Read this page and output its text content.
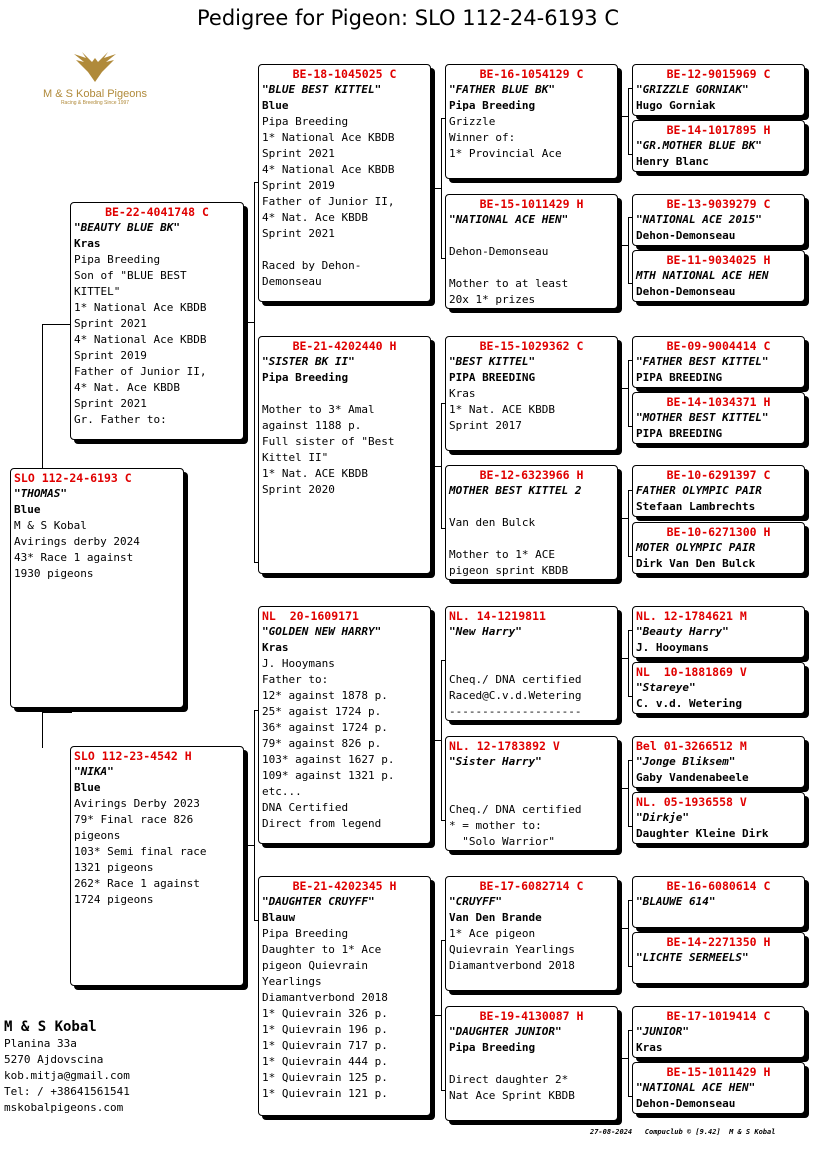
Pedigree for Pigeon: SLO 112-24-6193 C
M & S Kobal Pigeons
Racing & Breeding Since 1997
SLO 112-24-6193 C
"THOMAS"
Blue
M & S Kobal
Avirings derby 2024
43* Race 1 against
1930 pigeons
BE-22-4041748 C
"BEAUTY BLUE BK"
Kras
Pipa Breeding
Son of "BLUE BEST
KITTEL"
1* National Ace KBDB
Sprint 2021
4* National Ace KBDB
Sprint 2019
Father of Junior II,
4* Nat. Ace KBDB
Sprint 2021
Gr. Father to:
SLO 112-23-4542 H
"NIKA"
Blue
Avirings Derby 2023
79* Final race 826
pigeons
103* Semi final race
1321 pigeons
262* Race 1 against
1724 pigeons
BE-18-1045025 C
"BLUE BEST KITTEL"
Blue
Pipa Breeding
1* National Ace KBDB
Sprint 2021
4* National Ace KBDB
Sprint 2019
Father of Junior II,
4* Nat. Ace KBDB
Sprint 2021

Raced by Dehon-
Demonseau
BE-21-4202440 H
"SISTER BK II"
Pipa Breeding

Mother to 3* Amal
against 1188 p.
Full sister of "Best
Kittel II"
1* Nat. ACE KBDB
Sprint 2020
NL  20-1609171
"GOLDEN NEW HARRY"
Kras
J. Hooymans
Father to:
12* against 1878 p.
25* agaist 1724 p.
36* against 1724 p.
79* against 826 p.
103* against 1627 p.
109* against 1321 p.
etc...
DNA Certified
Direct from legend
BE-21-4202345 H
"DAUGHTER CRUYFF"
Blauw
Pipa Breeding
Daughter to 1* Ace
pigeon Quievrain
Yearlings
Diamantverbond 2018
1* Quievrain 326 p.
1* Quievrain 196 p.
1* Quievrain 717 p.
1* Quievrain 444 p.
1* Quievrain 125 p.
1* Quievrain 121 p.
BE-16-1054129 C
"FATHER BLUE BK"
Pipa Breeding
Grizzle
Winner of:
1* Provincial Ace
BE-15-1011429 H
"NATIONAL ACE HEN"

Dehon-Demonseau

Mother to at least
20x 1* prizes
BE-15-1029362 C
"BEST KITTEL"
PIPA BREEDING
Kras
1* Nat. ACE KBDB
Sprint 2017
BE-12-6323966 H
MOTHER BEST KITTEL 2

Van den Bulck

Mother to 1* ACE
pigeon sprint KBDB
NL. 14-1219811
"New Harry"

Cheq./ DNA certified
Raced@C.v.d.Wetering
--------------------
NL. 12-1783892 V
"Sister Harry"

Cheq./ DNA certified
* = mother to:
"Solo Warrior"
BE-17-6082714 C
"CRUYFF"
Van Den Brande
1* Ace pigeon
Quievrain Yearlings
Diamantverbond 2018
BE-19-4130087 H
"DAUGHTER JUNIOR"
Pipa Breeding

Direct daughter 2*
Nat Ace Sprint KBDB
BE-12-9015969 C
"GRIZZLE GORNIAK"
Hugo Gorniak
BE-14-1017895 H
"GR.MOTHER BLUE BK"
Henry Blanc
BE-13-9039279 C
"NATIONAL ACE 2015"
Dehon-Demonseau
BE-11-9034025 H
MTH NATIONAL ACE HEN
Dehon-Demonseau
BE-09-9004414 C
"FATHER BEST KITTEL"
PIPA BREEDING
BE-14-1034371 H
"MOTHER BEST KITTEL"
PIPA BREEDING
BE-10-6291397 C
FATHER OLYMPIC PAIR
Stefaan Lambrechts
BE-10-6271300 H
MOTER OLYMPIC PAIR
Dirk Van Den Bulck
NL. 12-1784621 M
"Beauty Harry"
J. Hooymans
NL  10-1881869 V
"Stareye"
C. v.d. Wetering
Bel 01-3266512 M
"Jonge Bliksem"
Gaby Vandenabeele
NL. 05-1936558 V
"Dirkje"
Daughter Kleine Dirk
BE-16-6080614 C
"BLAUWE 614"

BE-14-2271350 H
"LICHTE SERMEELS"

BE-17-1019414 C
"JUNIOR"
Kras
BE-15-1011429 H
"NATIONAL ACE HEN"
Dehon-Demonseau
M & S Kobal
Planina 33a
5270 Ajdovscina
kob.mitja@gmail.com
Tel: / +38641561541
mskobalpigeons.com
27-08-2024   Compuclub © [9.42]  M & S Kobal
